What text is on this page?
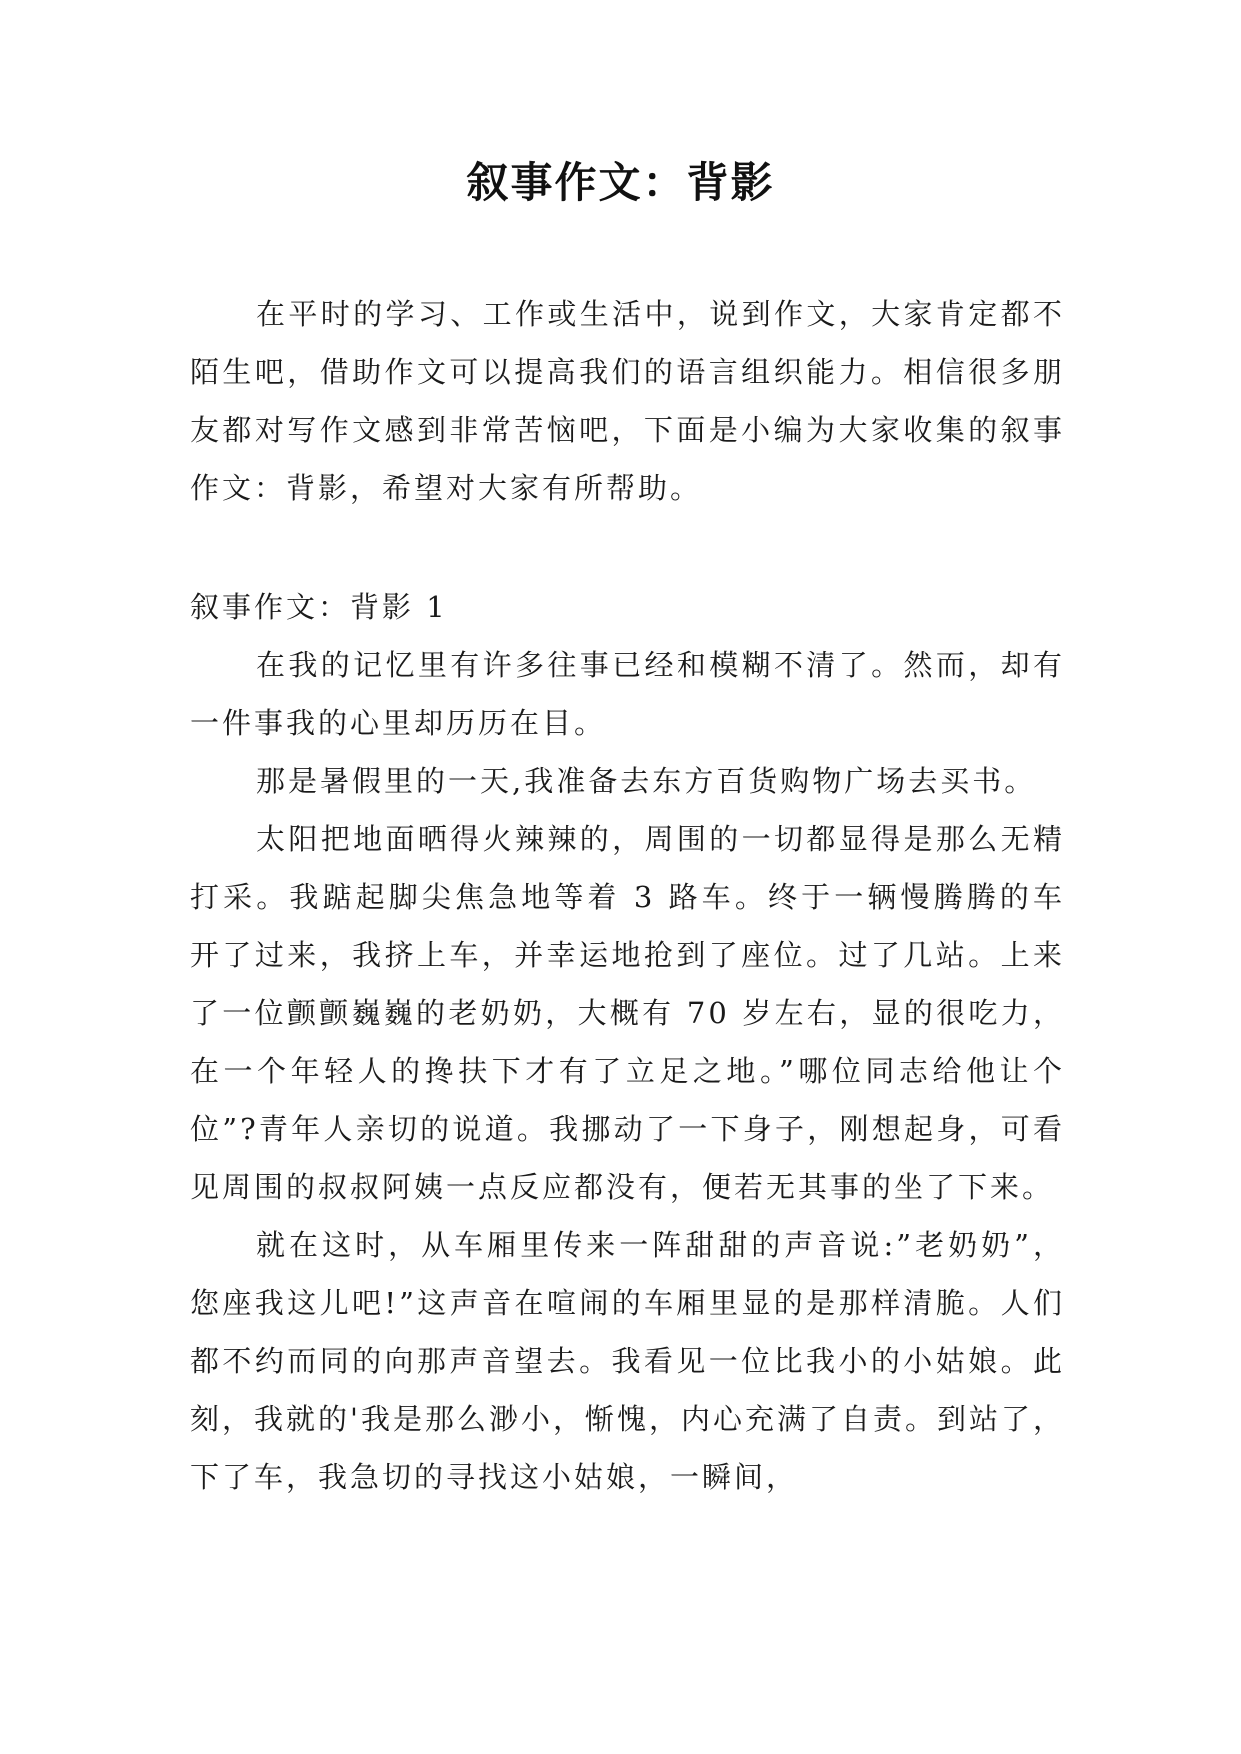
叙事作文：背影

在平时的学习、工作或生活中，说到作文，大家肯定都不陌生吧，借助作文可以提高我们的语言组织能力。相信很多朋友都对写作文感到非常苦恼吧，下面是小编为大家收集的叙事作文：背影，希望对大家有所帮助。

叙事作文：背影 1

在我的记忆里有许多往事已经和模糊不清了。然而，却有一件事我的心里却历历在目。

那是暑假里的一天,我准备去东方百货购物广场去买书。

太阳把地面晒得火辣辣的，周围的一切都显得是那么无精打采。我踮起脚尖焦急地等着 3 路车。终于一辆慢腾腾的车开了过来，我挤上车，并幸运地抢到了座位。过了几站。上来了一位颤颤巍巍的老奶奶，大概有 70 岁左右，显的很吃力，在一个年轻人的搀扶下才有了立足之地。”哪位同志给他让个位”?青年人亲切的说道。我挪动了一下身子，刚想起身，可看见周围的叔叔阿姨一点反应都没有，便若无其事的坐了下来。

就在这时，从车厢里传来一阵甜甜的声音说:”老奶奶”，您座我这儿吧!”这声音在喧闹的车厢里显的是那样清脆。人们都不约而同的向那声音望去。我看见一位比我小的小姑娘。此刻，我就的'我是那么渺小，惭愧，内心充满了自责。到站了，下了车，我急切的寻找这小姑娘，一瞬间，
